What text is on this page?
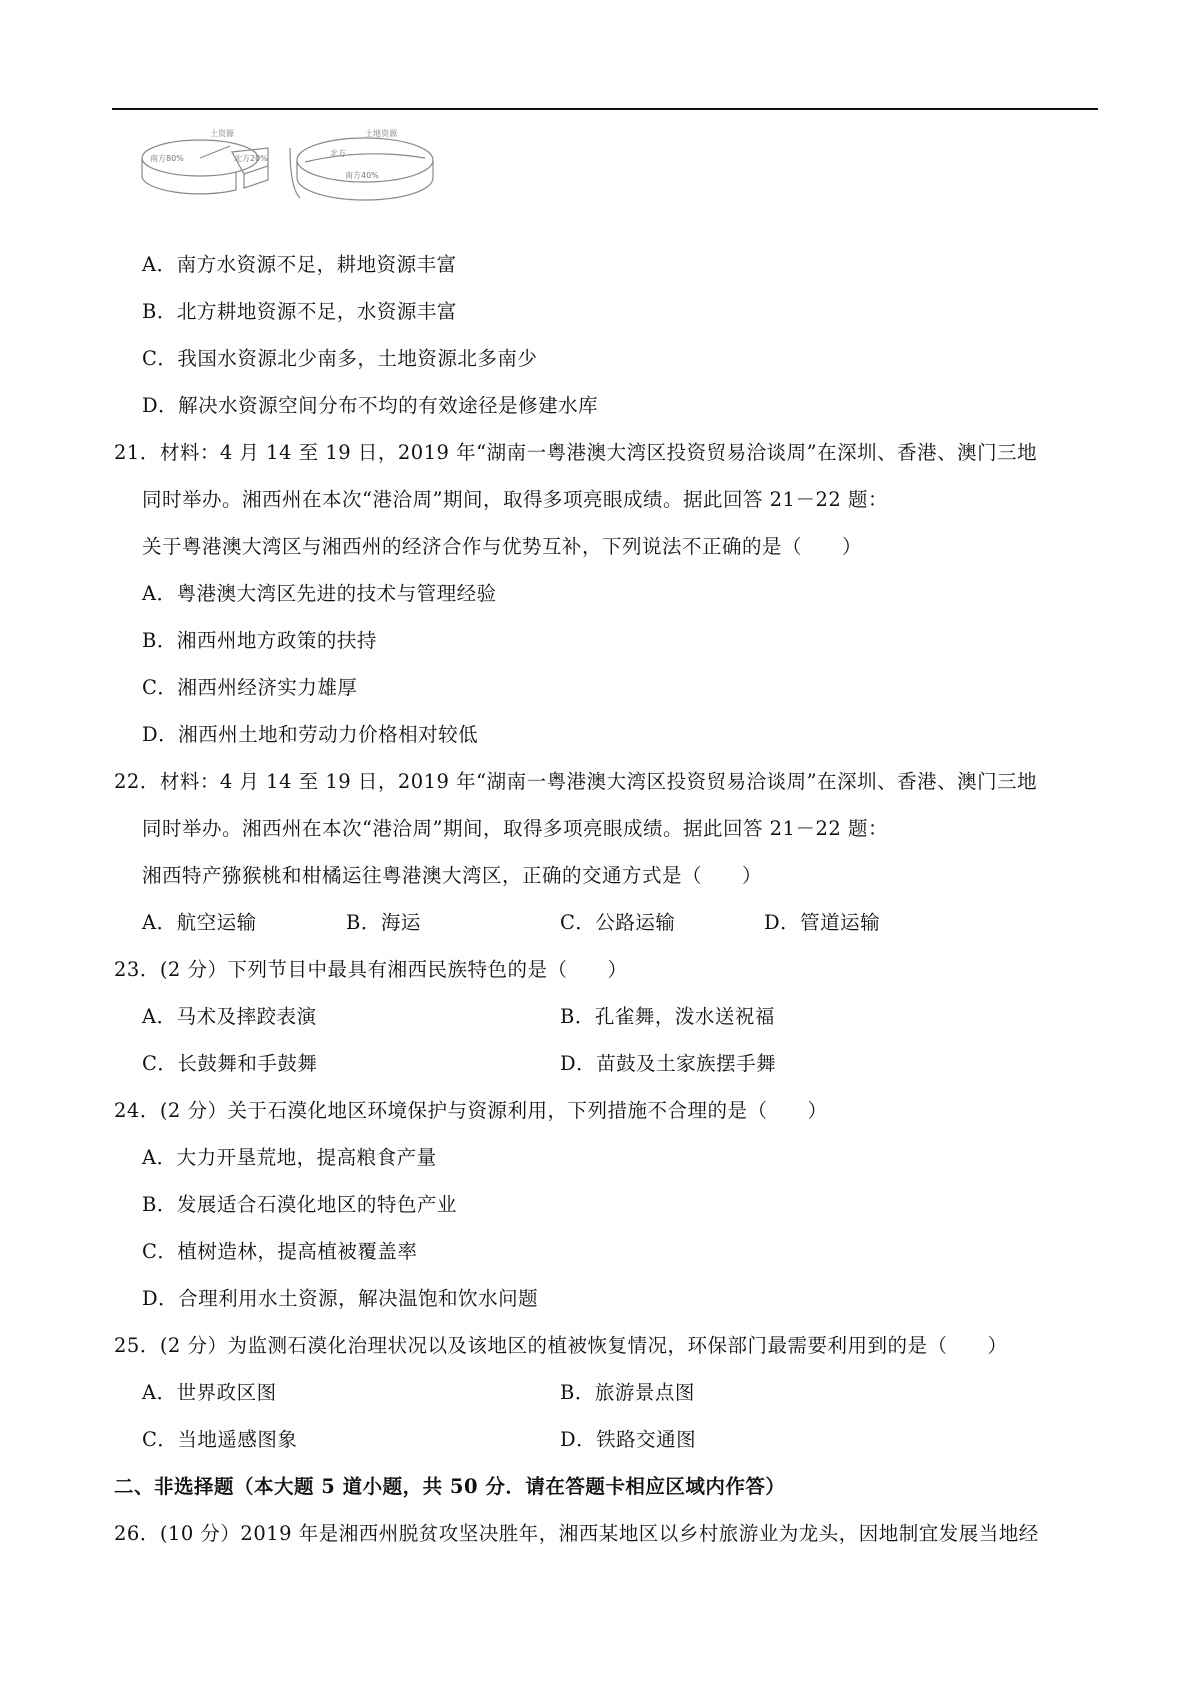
土资源
南方80%	北方20%
土地资源
北方
南方40%
A．南方水资源不足，耕地资源丰富
B．北方耕地资源不足，水资源丰富
C．我国水资源北少南多，土地资源北多南少
D．解决水资源空间分布不均的有效途径是修建水库
21．材料：4 月 14 至 19 日，2019 年“湖南一粤港澳大湾区投资贸易洽谈周”在深圳、香港、澳门三地
同时举办。湘西州在本次“港洽周”期间，取得多项亮眼成绩。据此回答 21－22 题：
关于粤港澳大湾区与湘西州的经济合作与优势互补，下列说法不正确的是（　　）
A．粤港澳大湾区先进的技术与管理经验
B．湘西州地方政策的扶持
C．湘西州经济实力雄厚
D．湘西州土地和劳动力价格相对较低
22．材料：4 月 14 至 19 日，2019 年“湖南一粤港澳大湾区投资贸易洽谈周”在深圳、香港、澳门三地
同时举办。湘西州在本次“港洽周”期间，取得多项亮眼成绩。据此回答 21－22 题：
湘西特产猕猴桃和柑橘运往粤港澳大湾区，正确的交通方式是（　　）
A．航空运输	B．海运	C．公路运输	D．管道运输
23．(2 分）下列节目中最具有湘西民族特色的是（　　）
A．马术及摔跤表演	B．孔雀舞，泼水送祝福
C．长鼓舞和手鼓舞	D．苗鼓及土家族摆手舞
24．(2 分）关于石漠化地区环境保护与资源利用，下列措施不合理的是（　　）
A．大力开垦荒地，提高粮食产量
B．发展适合石漠化地区的特色产业
C．植树造林，提高植被覆盖率
D．合理利用水土资源，解决温饱和饮水问题
25．(2 分）为监测石漠化治理状况以及该地区的植被恢复情况，环保部门最需要利用到的是（　　）
A．世界政区图	B．旅游景点图
C．当地遥感图象	D．铁路交通图
二、非选择题（本大题 5 道小题，共 50 分．请在答题卡相应区域内作答）
26．(10 分）2019 年是湘西州脱贫攻坚决胜年，湘西某地区以乡村旅游业为龙头，因地制宜发展当地经
